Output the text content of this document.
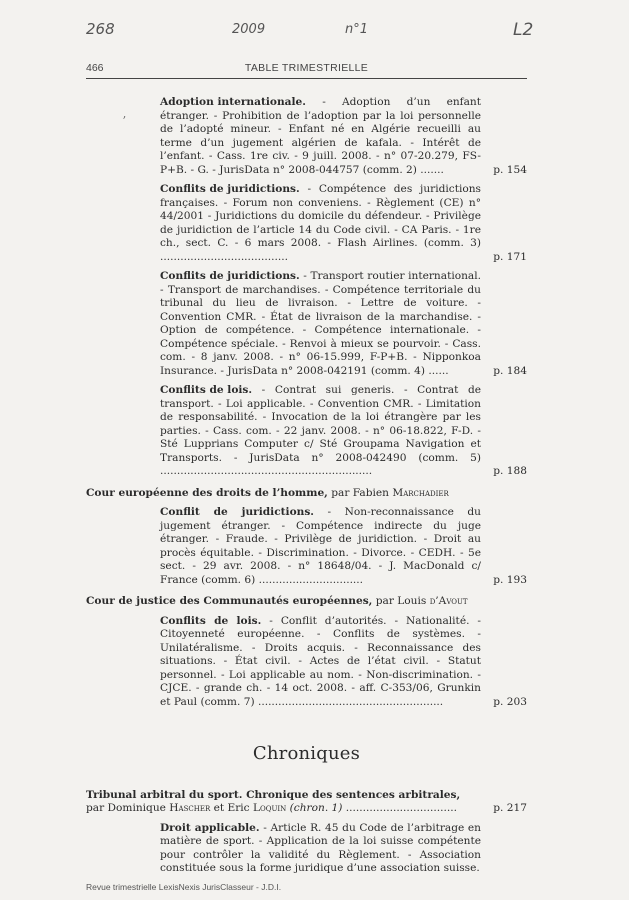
268	2009	n°1	L2
466	TABLE TRIMESTRIELLE
ʼ
Adoption internationale. - Adoption d’un enfant étranger. - Prohibition de l’adoption par la loi personnelle de l’adopté mineur. - Enfant né en Algérie recueilli au terme d’un jugement algérien de kafala. - Intérêt de l’enfant. - Cass. 1re civ. - 9 juill. 2008. - n° 07-20.279, FS-P+B. - G. - JurisData n° 2008-044757 (comm. 2) .......	p. 154
Conflits de juridictions. - Compétence des juridictions françaises. - Forum non conveniens. - Règlement (CE) n° 44/2001 - Juridictions du domicile du défendeur. - Privilège de juridiction de l’article 14 du Code civil. - CA Paris. - 1re ch., sect. C. - 6 mars 2008. - Flash Airlines. (comm. 3) ......................................	p. 171
Conflits de juridictions. - Transport routier international. - Transport de marchandises. - Compétence territoriale du tribunal du lieu de livraison. - Lettre de voiture. - Convention CMR. - État de livraison de la marchandise. - Option de compétence. - Compétence internationale. - Compétence spéciale. - Renvoi à mieux se pourvoir. - Cass. com. - 8 janv. 2008. - n° 06-15.999, F-P+B. - Nipponkoa Insurance. - JurisData n° 2008-042191 (comm. 4) ......	p. 184
Conflits de lois. - Contrat sui generis. - Contrat de transport. - Loi applicable. - Convention CMR. - Limitation de responsabilité. - Invocation de la loi étrangère par les parties. - Cass. com. - 22 janv. 2008. - n° 06-18.822, F-D. - Sté Lupprians Computer c/ Sté Groupama Navigation et Transports. - JurisData n° 2008-042490 (comm. 5) ...............................................................	p. 188
Cour européenne des droits de l’homme, par Fabien Marchadier
Conflit de juridictions. - Non-reconnaissance du jugement étranger. - Compétence indirecte du juge étranger. - Fraude. - Privilège de juridiction. - Droit au procès équitable. - Discrimination. - Divorce. - CEDH. - 5e sect. - 29 avr. 2008. - n° 18648/04. - J. MacDonald c/ France (comm. 6) ...............................	p. 193
Cour de justice des Communautés européennes, par Louis d’Avout
Conflits de lois. - Conflit d’autorités. - Nationalité. - Citoyenneté européenne. - Conflits de systèmes. - Unilatéralisme. - Droits acquis. - Reconnaissance des situations. - État civil. - Actes de l’état civil. - Statut personnel. - Loi applicable au nom. - Non-discrimination. - CJCE. - grande ch. - 14 oct. 2008. - aff. C-353/06, Grunkin et Paul (comm. 7) .......................................................	p. 203
Chroniques
Tribunal arbitral du sport. Chronique des sentences arbitrales, par Dominique Hascher et Eric Loquin (chron. 1) .................................	p. 217
Droit applicable. - Article R. 45 du Code de l’arbitrage en matière de sport. - Application de la loi suisse compétente pour contrôler la validité du Règlement. - Association constituée sous la forme juridique d’une association suisse.
Revue trimestrielle LexisNexis JurisClasseur - J.D.I.
